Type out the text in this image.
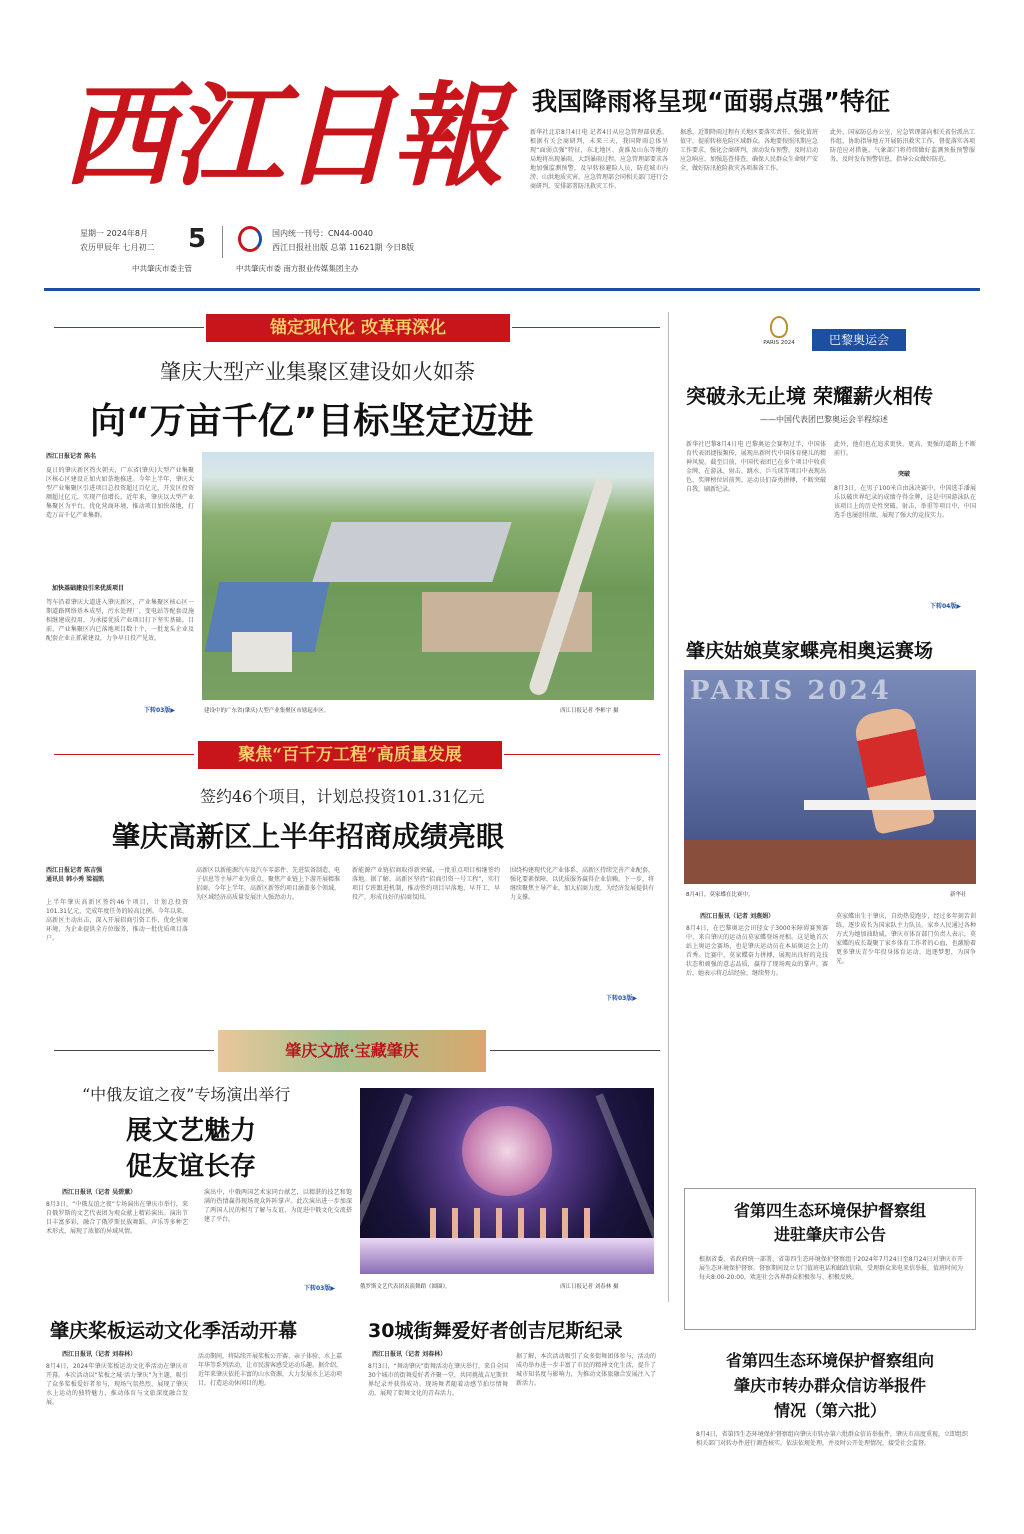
西江日報
星期一 2024年8月
农历甲辰年 七月初二 5	国内统一刊号：CN44-0040
西江日报社出版 总第 11621期 今日8版
中共肇庆市委主管	中共肇庆市委 南方报业传媒集团主办
我国降雨将呈现“面弱点强”特征
新华社北京8月4日电 记者4日从应急管理部获悉，根据有关会商研判，未来三天，我国降雨总体呈现“面弱点强”特征，东北地区、黄淮及山东等地的局地将出现暴雨，大到暴雨过程。应急管理部要求各地加强监测预警，及早转移避险人员，防范城市内涝、山洪地质灾害。应急管理部会同相关部门进行会商研判，安排部署防汛救灾工作。
据悉，近期降雨过程有关地区要落实责任，强化值班值守，提前转移危险区域群众。各地要按照汛期应急工作要求，强化会商研判，滚动发布预警，及时启动应急响应，加强巡查排查，确保人民群众生命财产安全，做好防汛抢险救灾各项准备工作。
此外，国家防总办公室、应急管理部向相关省份派出工作组，协助指导地方开展防汛救灾工作，督促落实各项防范应对措施。气象部门将持续做好监测预报预警服务，及时发布预警信息，指导公众做好防范。
锚定现代化 改革再深化
肇庆大型产业集聚区建设如火如荼
向“万亩千亿”目标坚定迈进
西江日报记者 陈名
夏日的肇庆新区热火朝天，广东省(肇庆)大型产业集聚区核心区建设正如火如荼地推进。今年上半年，肇庆大型产业集聚区引进项目总投资超过百亿元，开发区投资额超过亿元，实现产值增长。近年来，肇庆以大型产业集聚区为平台，优化营商环境，推动项目加快落地，打造万亩千亿产业集群。
加快基础建设引来优质项目
驾车沿着肇庆大道进入肇庆新区，产业集聚区核心区一期道路网络基本成型，污水处理厂、变电站等配套设施相继建成投用，为承接优质产业项目打下坚实基础。目前，产业集聚区内已落地项目数十个，一批龙头企业及配套企业正抓紧建设，力争早日投产见效。
下转03版▶	建设中的广东省(肇庆)大型产业集聚区市辖起步区。	西江日报记者 李彬宇 摄
聚焦“百千万工程”高质量发展
签约46个项目，计划总投资101.31亿元
肇庆高新区上半年招商成绩亮眼
西江日报记者 陈吉强
通讯员 韩小秀 梁福凯
上半年肇庆高新区签约46个项目，计划总投资101.31亿元，完成年度任务的较高比例。今年以来，高新区主动出击，深入开展招商引资工作，优化营商环境，为企业提供全方位服务，推动一批优质项目落户。
高新区以新能源汽车及汽车零部件、先进装备制造、电子信息等主导产业为重点，聚焦产业链上下游开展精准招商。今年上半年，高新区新签约项目涵盖多个领域，为区域经济高质量发展注入强劲动力。
新能源产业链招商取得新突破，一批重点项目相继签约落地。据了解，高新区坚持“招商引资一号工程”，实行项目专班跟进机制，推动签约项目早落地、早开工、早投产，形成良好的招商氛围。
围绕构建现代化产业体系，高新区持续完善产业配套，强化要素保障，以优质服务赢得企业信赖。下一步，将继续聚焦主导产业，加大招商力度，为经济发展提供有力支撑。
下转03版▶
肇庆文旅·宝藏肇庆
“中俄友谊之夜”专场演出举行
展文艺魅力
促友谊长存
西江日报讯（记者 吴碧薰）
8月3日，“中俄友谊之夜”专场演出在肇庆市举行，来自俄罗斯的文艺代表团为观众献上精彩演出。演出节目丰富多彩，融合了俄罗斯民族舞蹈、声乐等多种艺术形式，展现了浓郁的异域风情。
演出中，中俄两国艺术家同台献艺，以精湛的技艺和饱满的热情赢得现场观众阵阵掌声。此次演出进一步加深了两国人民的相互了解与友谊，为促进中俄文化交流搭建了平台。
下转03版▶	俄罗斯文艺代表团表演舞蹈《圆圈》。	西江日报记者 刘春林 摄
肇庆桨板运动文化季活动开幕
西江日报讯（记者 刘春林）
8月4日，2024年肇庆桨板运动文化季活动在肇庆市开幕。本次活动以“桨板之城·活力肇庆”为主题，吸引了众多桨板爱好者参与，现场气氛热烈，展现了肇庆水上运动的独特魅力，推动体育与文旅深度融合发展。
活动期间，将陆续开展桨板公开赛、亲子体验、水上嘉年华等系列活动，让市民游客感受运动乐趣。据介绍，近年来肇庆依托丰富的山水资源，大力发展水上运动项目，打造运动休闲目的地。
30城街舞爱好者创吉尼斯纪录
西江日报讯（记者 刘春林）
8月3日，“舞动肇庆”街舞活动在肇庆举行，来自全国30个城市的街舞爱好者齐聚一堂，共同挑战吉尼斯世界纪录并获得成功。现场舞者随着动感节拍尽情舞动，展现了街舞文化的青春活力。
据了解，本次活动吸引了众多街舞团体参与，活动的成功举办进一步丰富了市民的精神文化生活，提升了城市知名度与影响力，为推动文体旅融合发展注入了新活力。
PARIS 2024	巴黎奥运会
突破永无止境 荣耀薪火相传
——中国代表团巴黎奥运会半程综述
新华社巴黎8月4日电 巴黎奥运会赛程过半，中国体育代表团捷报频传，展现出新时代中国体育健儿的精神风貌。截至目前，中国代表团已在多个项目中收获金牌，在游泳、射击、跳水、乒乓球等项目中表现出色，奖牌榜位居前列。运动员们奋勇拼搏，不断突破自我，刷新纪录。
此外，他们也在追求更快、更高、更强的道路上不断前行。
突破
8月3日，在男子100米自由泳决赛中，中国选手潘展乐以破世界纪录的成绩夺得金牌，这是中国游泳队在该项目上的历史性突破。射击、举重等项目中，中国选手也屡创佳绩，展现了强大的竞技实力。
下转04版▶
肇庆姑娘莫家蝶亮相奥运赛场
PARIS 2024
8月4日，莫家蝶在比赛中。	新华社
西江日报讯（记者 刘燕娟）
8月4日，在巴黎奥运会田径女子3000米障碍赛预赛中，来自肇庆的运动员莫家蝶登场亮相。这是她首次站上奥运会赛场，也是肇庆运动员在本届奥运会上的首秀。比赛中，莫家蝶奋力拼搏，展现出良好的竞技状态和顽强的意志品质，赢得了现场观众的掌声。赛后，她表示将总结经验，继续努力。
莫家蝶出生于肇庆，自幼热爱跑步，经过多年刻苦训练，逐步成长为国家队主力队员。家乡人民通过各种方式为她加油助威。肇庆市体育部门负责人表示，莫家蝶的成长凝聚了家乡体育工作者的心血，也激励着更多肇庆青少年投身体育运动，追逐梦想，为国争光。
省第四生态环境保护督察组
进驻肇庆市公告
根据省委、省政府统一部署，省第四生态环境保护督察组于2024年7月24日至8月24日对肇庆市开展生态环境保护督察。督察期间设立专门值班电话和邮政信箱，受理群众来电来信举报，值班时间为每天8:00-20:00。欢迎社会各界群众积极参与、积极反映。
省第四生态环境保护督察组向
肇庆市转办群众信访举报件
情况（第六批）
8月4日，省第四生态环境保护督察组向肇庆市转办第六批群众信访举报件，肇庆市高度重视，立即组织相关部门对转办件进行调查核实，依法依规处理，并及时公开处理情况，接受社会监督。
